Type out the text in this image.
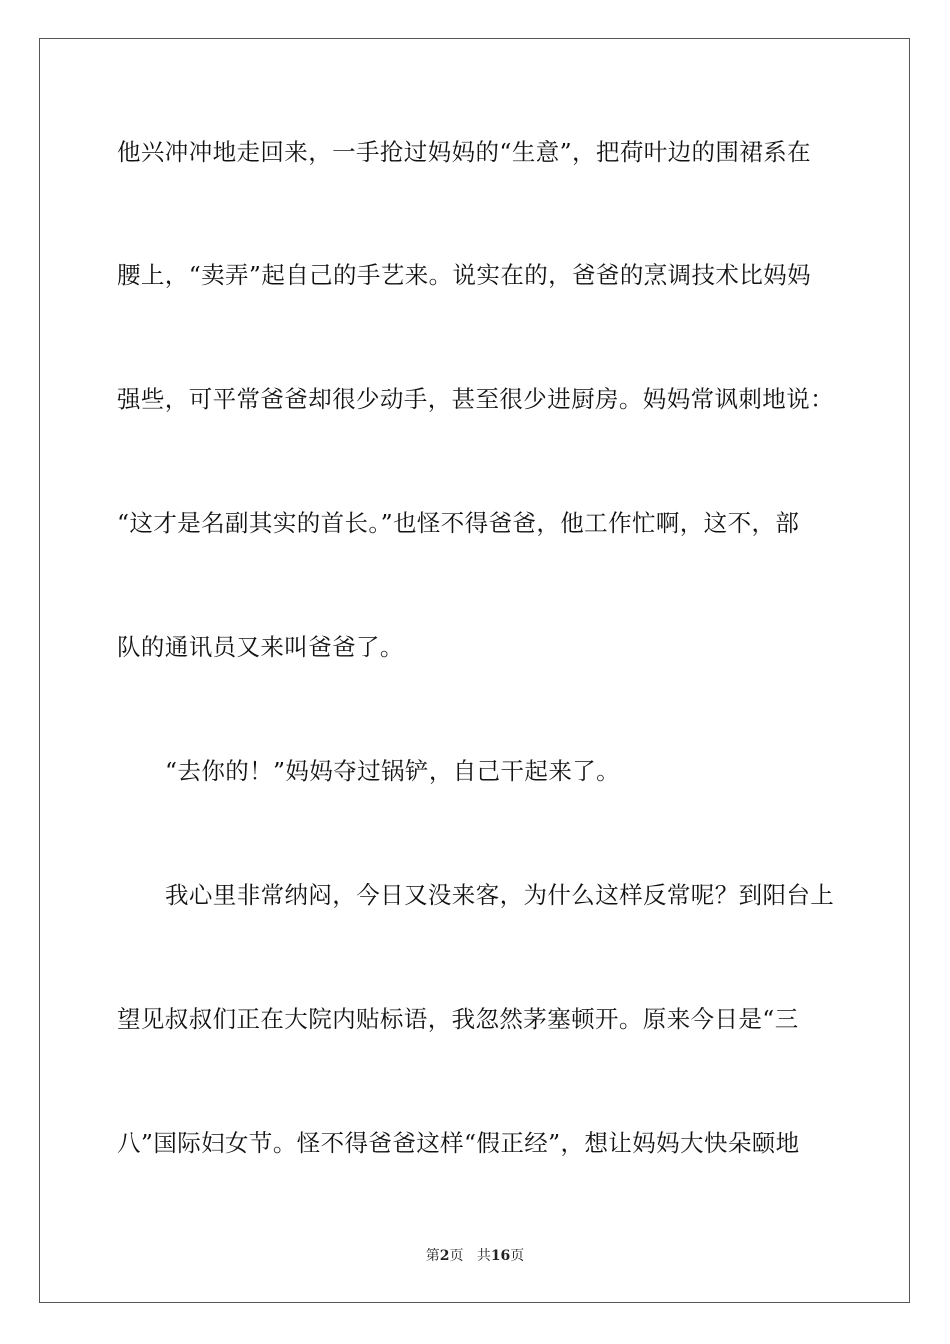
他兴冲冲地走回来，一手抢过妈妈的“生意”，把荷叶边的围裙系在
腰上，“卖弄”起自己的手艺来。说实在的，爸爸的烹调技术比妈妈
强些，可平常爸爸却很少动手，甚至很少进厨房。妈妈常讽刺地说：
“这才是名副其实的首长。”也怪不得爸爸，他工作忙啊，这不，部
队的通讯员又来叫爸爸了。
“去你的！”妈妈夺过锅铲，自己干起来了。
我心里非常纳闷，今日又没来客，为什么这样反常呢？到阳台上
望见叔叔们正在大院内贴标语，我忽然茅塞顿开。原来今日是“三
八”国际妇女节。怪不得爸爸这样“假正经”，想让妈妈大快朵颐地
第2页 共16页
